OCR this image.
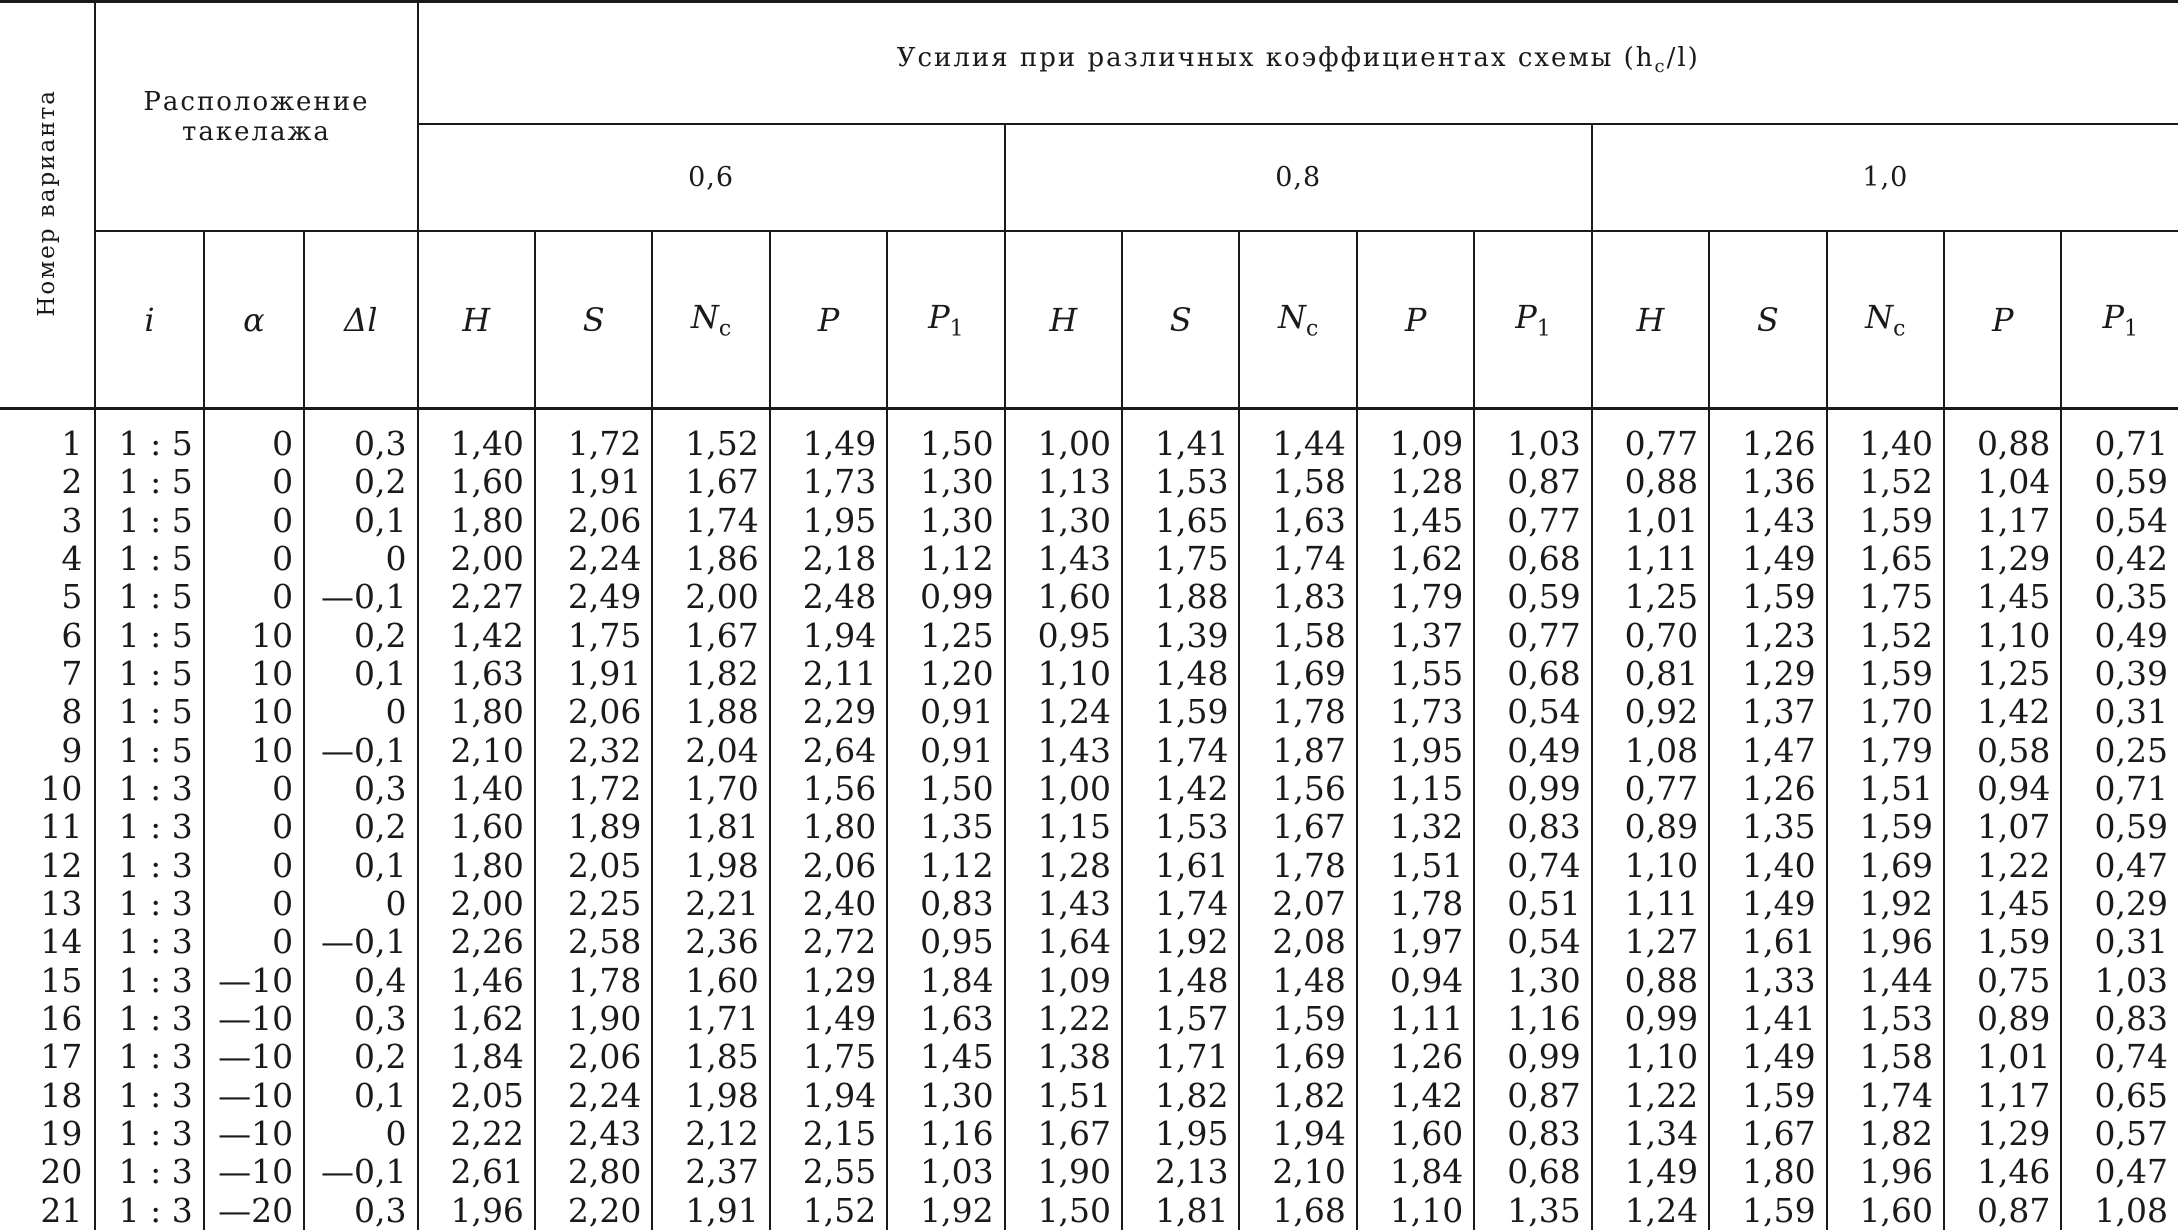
Номер варианта	Расположение такелажа			Усилия при различных коэффициентах схемы $(h_c/l)$														
				0,6					0,8					1,0				
	i	α	Δl	H	S	$N_c$	P	$P_1$	H	S	$N_c$	P	$P_1$	H	S	$N_c$	P	$P_1$
1	1 : 5	0	0,3	1,40	1,72	1,52	1,49	1,50	1,00	1,41	1,44	1,09	1,03	0,77	1,26	1,40	0,88	0,71
2	1 : 5	0	0,2	1,60	1,91	1,67	1,73	1,30	1,13	1,53	1,58	1,28	0,87	0,88	1,36	1,52	1,04	0,59
3	1 : 5	0	0,1	1,80	2,06	1,74	1,95	1,30	1,30	1,65	1,63	1,45	0,77	1,01	1,43	1,59	1,17	0,54
4	1 : 5	0	0	2,00	2,24	1,86	2,18	1,12	1,43	1,75	1,74	1,62	0,68	1,11	1,49	1,65	1,29	0,42
5	1 : 5	0	—0,1	2,27	2,49	2,00	2,48	0,99	1,60	1,88	1,83	1,79	0,59	1,25	1,59	1,75	1,45	0,35
6	1 : 5	10	0,2	1,42	1,75	1,67	1,94	1,25	0,95	1,39	1,58	1,37	0,77	0,70	1,23	1,52	1,10	0,49
7	1 : 5	10	0,1	1,63	1,91	1,82	2,11	1,20	1,10	1,48	1,69	1,55	0,68	0,81	1,29	1,59	1,25	0,39
8	1 : 5	10	0	1,80	2,06	1,88	2,29	0,91	1,24	1,59	1,78	1,73	0,54	0,92	1,37	1,70	1,42	0,31
9	1 : 5	10	—0,1	2,10	2,32	2,04	2,64	0,91	1,43	1,74	1,87	1,95	0,49	1,08	1,47	1,79	0,58	0,25
10	1 : 3	0	0,3	1,40	1,72	1,70	1,56	1,50	1,00	1,42	1,56	1,15	0,99	0,77	1,26	1,51	0,94	0,71
11	1 : 3	0	0,2	1,60	1,89	1,81	1,80	1,35	1,15	1,53	1,67	1,32	0,83	0,89	1,35	1,59	1,07	0,59
12	1 : 3	0	0,1	1,80	2,05	1,98	2,06	1,12	1,28	1,61	1,78	1,51	0,74	1,10	1,40	1,69	1,22	0,47
13	1 : 3	0	0	2,00	2,25	2,21	2,40	0,83	1,43	1,74	2,07	1,78	0,51	1,11	1,49	1,92	1,45	0,29
14	1 : 3	0	—0,1	2,26	2,58	2,36	2,72	0,95	1,64	1,92	2,08	1,97	0,54	1,27	1,61	1,96	1,59	0,31
15	1 : 3	—10	0,4	1,46	1,78	1,60	1,29	1,84	1,09	1,48	1,48	0,94	1,30	0,88	1,33	1,44	0,75	1,03
16	1 : 3	—10	0,3	1,62	1,90	1,71	1,49	1,63	1,22	1,57	1,59	1,11	1,16	0,99	1,41	1,53	0,89	0,83
17	1 : 3	—10	0,2	1,84	2,06	1,85	1,75	1,45	1,38	1,71	1,69	1,26	0,99	1,10	1,49	1,58	1,01	0,74
18	1 : 3	—10	0,1	2,05	2,24	1,98	1,94	1,30	1,51	1,82	1,82	1,42	0,87	1,22	1,59	1,74	1,17	0,65
19	1 : 3	—10	0	2,22	2,43	2,12	2,15	1,16	1,67	1,95	1,94	1,60	0,83	1,34	1,67	1,82	1,29	0,57
20	1 : 3	—10	—0,1	2,61	2,80	2,37	2,55	1,03	1,90	2,13	2,10	1,84	0,68	1,49	1,80	1,96	1,46	0,47
21	1 : 3	—20	0,3	1,96	2,20	1,91	1,52	1,92	1,50	1,81	1,68	1,10	1,35	1,24	1,59	1,60	0,87	1,08
